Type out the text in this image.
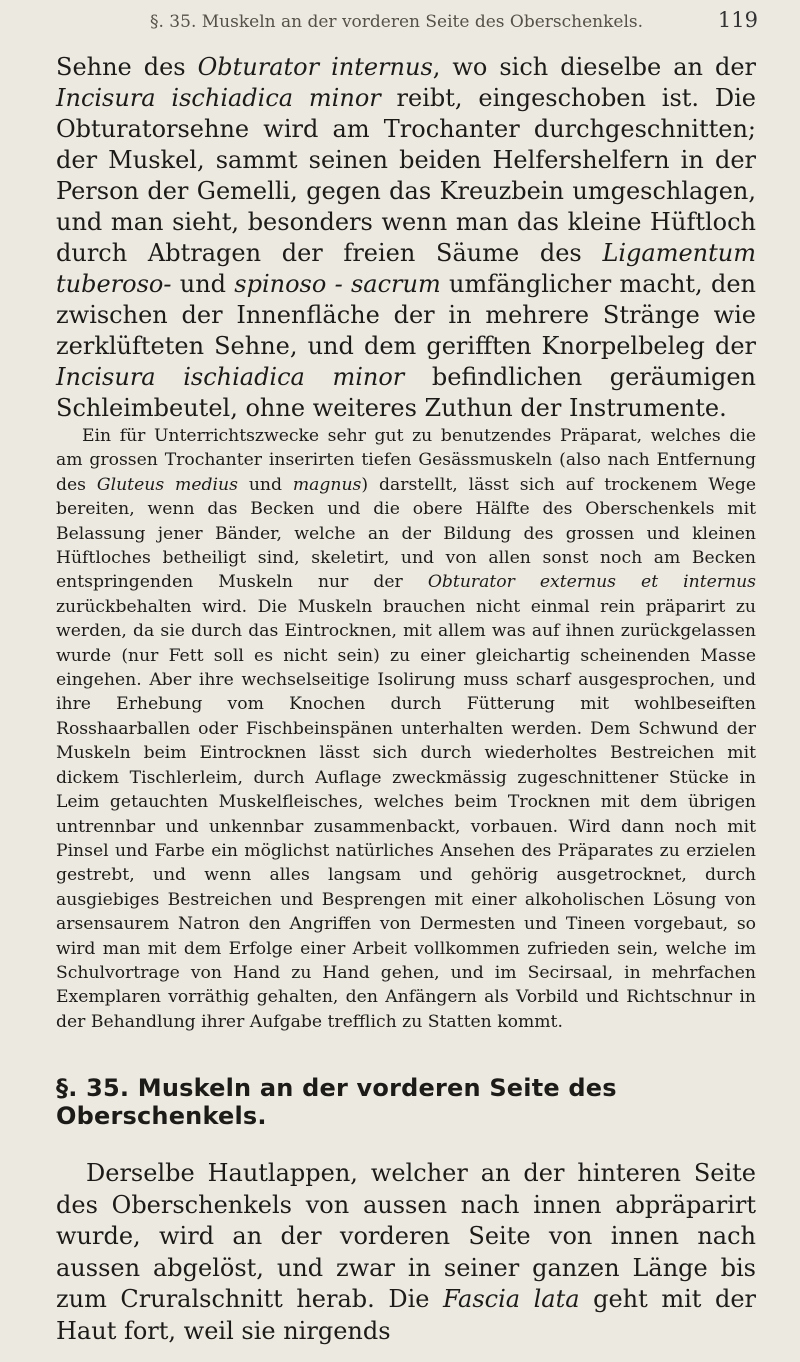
§. 35. Muskeln an der vorderen Seite des Oberschenkels.	119

Sehne des Obturator internus, wo sich dieselbe an der Incisura ischiadica minor reibt, eingeschoben ist. Die Obturatorsehne wird am Trochanter durchgeschnitten; der Muskel, sammt seinen beiden Helfershelfern in der Person der Gemelli, gegen das Kreuzbein umgeschlagen, und man sieht, besonders wenn man das kleine Hüftloch durch Abtragen der freien Säume des Ligamentum tuberoso- und spinoso - sacrum umfänglicher macht, den zwischen der Innenfläche der in mehrere Stränge wie zerklüfteten Sehne, und dem gerifften Knorpelbeleg der Incisura ischiadica minor befindlichen geräumigen Schleimbeutel, ohne weiteres Zuthun der Instrumente.

Ein für Unterrichtszwecke sehr gut zu benutzendes Präparat, welches die am grossen Trochanter inserirten tiefen Gesässmuskeln (also nach Entfernung des Gluteus medius und magnus) darstellt, lässt sich auf trockenem Wege bereiten, wenn das Becken und die obere Hälfte des Oberschenkels mit Belassung jener Bänder, welche an der Bildung des grossen und kleinen Hüftloches betheiligt sind, skeletirt, und von allen sonst noch am Becken entspringenden Muskeln nur der Obturator externus et internus zurückbehalten wird. Die Muskeln brauchen nicht einmal rein präparirt zu werden, da sie durch das Eintrocknen, mit allem was auf ihnen zurückgelassen wurde (nur Fett soll es nicht sein) zu einer gleichartig scheinenden Masse eingehen. Aber ihre wechselseitige Isolirung muss scharf ausgesprochen, und ihre Erhebung vom Knochen durch Fütterung mit wohlbeseiften Rosshaarballen oder Fischbeinspänen unterhalten werden. Dem Schwund der Muskeln beim Eintrocknen lässt sich durch wiederholtes Bestreichen mit dickem Tischlerleim, durch Auflage zweckmässig zugeschnittener Stücke in Leim getauchten Muskelfleisches, welches beim Trocknen mit dem übrigen untrennbar und unkennbar zusammenbackt, vorbauen. Wird dann noch mit Pinsel und Farbe ein möglichst natürliches Ansehen des Präparates zu erzielen gestrebt, und wenn alles langsam und gehörig ausgetrocknet, durch ausgiebiges Bestreichen und Besprengen mit einer alkoholischen Lösung von arsensaurem Natron den Angriffen von Dermesten und Tineen vorgebaut, so wird man mit dem Erfolge einer Arbeit vollkommen zufrieden sein, welche im Schulvortrage von Hand zu Hand gehen, und im Secirsaal, in mehrfachen Exemplaren vorräthig gehalten, den Anfängern als Vorbild und Richtschnur in der Behandlung ihrer Aufgabe trefflich zu Statten kommt.

§. 35. Muskeln an der vorderen Seite des Oberschenkels.

Derselbe Hautlappen, welcher an der hinteren Seite des Oberschenkels von aussen nach innen abpräparirt wurde, wird an der vorderen Seite von innen nach aussen abgelöst, und zwar in seiner ganzen Länge bis zum Cruralschnitt herab. Die Fascia lata geht mit der Haut fort, weil sie nirgends
